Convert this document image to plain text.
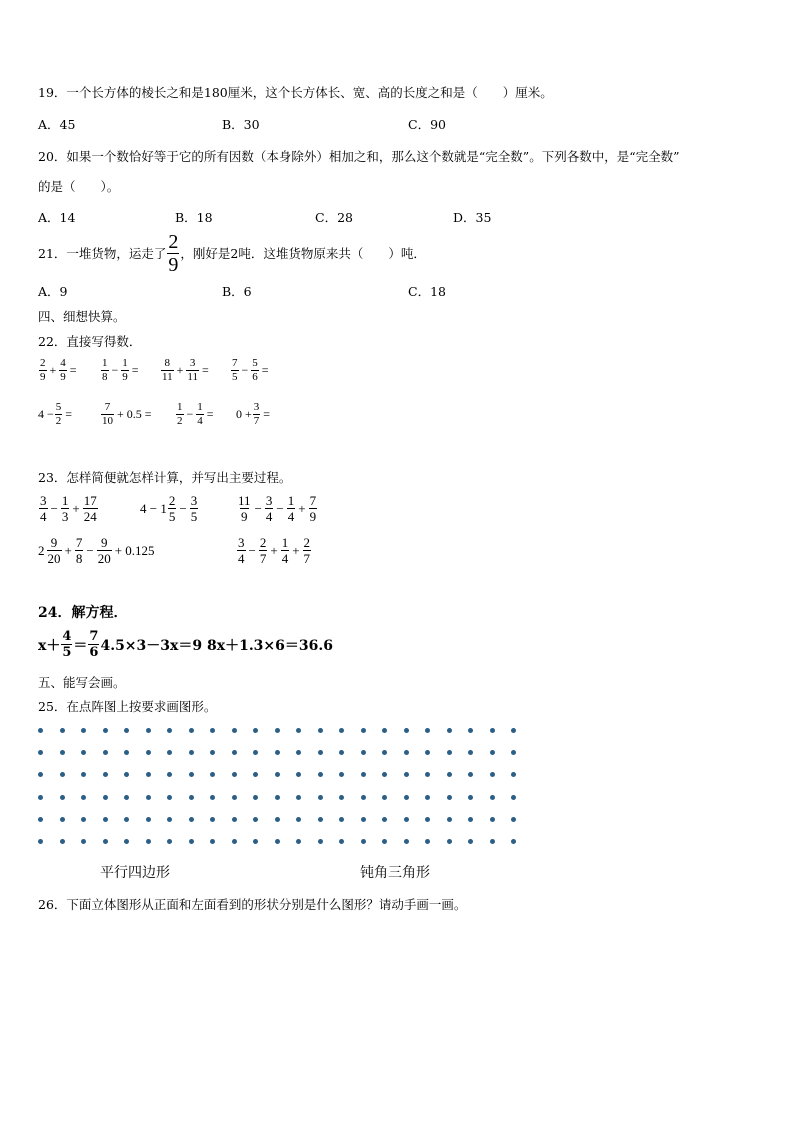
19．一个长方体的棱长之和是180厘米，这个长方体长、宽、高的长度之和是（　　）厘米。
A．45	B．30	C．90
20．如果一个数恰好等于它的所有因数（本身除外）相加之和，那么这个数就是“完全数”。下列各数中，是“完全数”
的是（　　）。
A．14	B．18	C．28	D．35
21．一堆货物，运走了 $\frac{2}{9}$ ，刚好是2吨．这堆货物原来共（　　）吨．
A．9	B．6	C．18
四、细想快算。
22．直接写得数．
$\frac{2}{9} + \frac{4}{9} = \frac{1}{8} - \frac{1}{9} = \frac{8}{11} + \frac{3}{11} = \frac{7}{5} - \frac{5}{6}$ =
$4 - \frac{5}{2}$ =	$\frac{7}{10} + 0.5 = \frac{1}{2} - \frac{1}{4} = 0 + \frac{3}{7}$ =
23．怎样简便就怎样计算，并写出主要过程。
$\frac{3}{4} - \frac{1}{3} + \frac{17}{24}$	$4 - 1 \frac{2}{5} - \frac{3}{5}$	$\frac{11}{9} - \frac{3}{4} - \frac{1}{4} + \frac{7}{9}$
$2 \frac{9}{20} + \frac{7}{8} - \frac{9}{20} + 0.125$	$\frac{3}{4} - \frac{2}{7} + \frac{1}{4} + \frac{2}{7}$
24．解方程．
$x+ \frac{4}{5} = \frac{7}{6} 4.5\times 3-3x=9$ 8x＋1.3×6＝36.6
五、能写会画。
25．在点阵图上按要求画图形。
平行四边形	钝角三角形
26．下面立体图形从正面和左面看到的形状分别是什么图形？请动手画一画。
